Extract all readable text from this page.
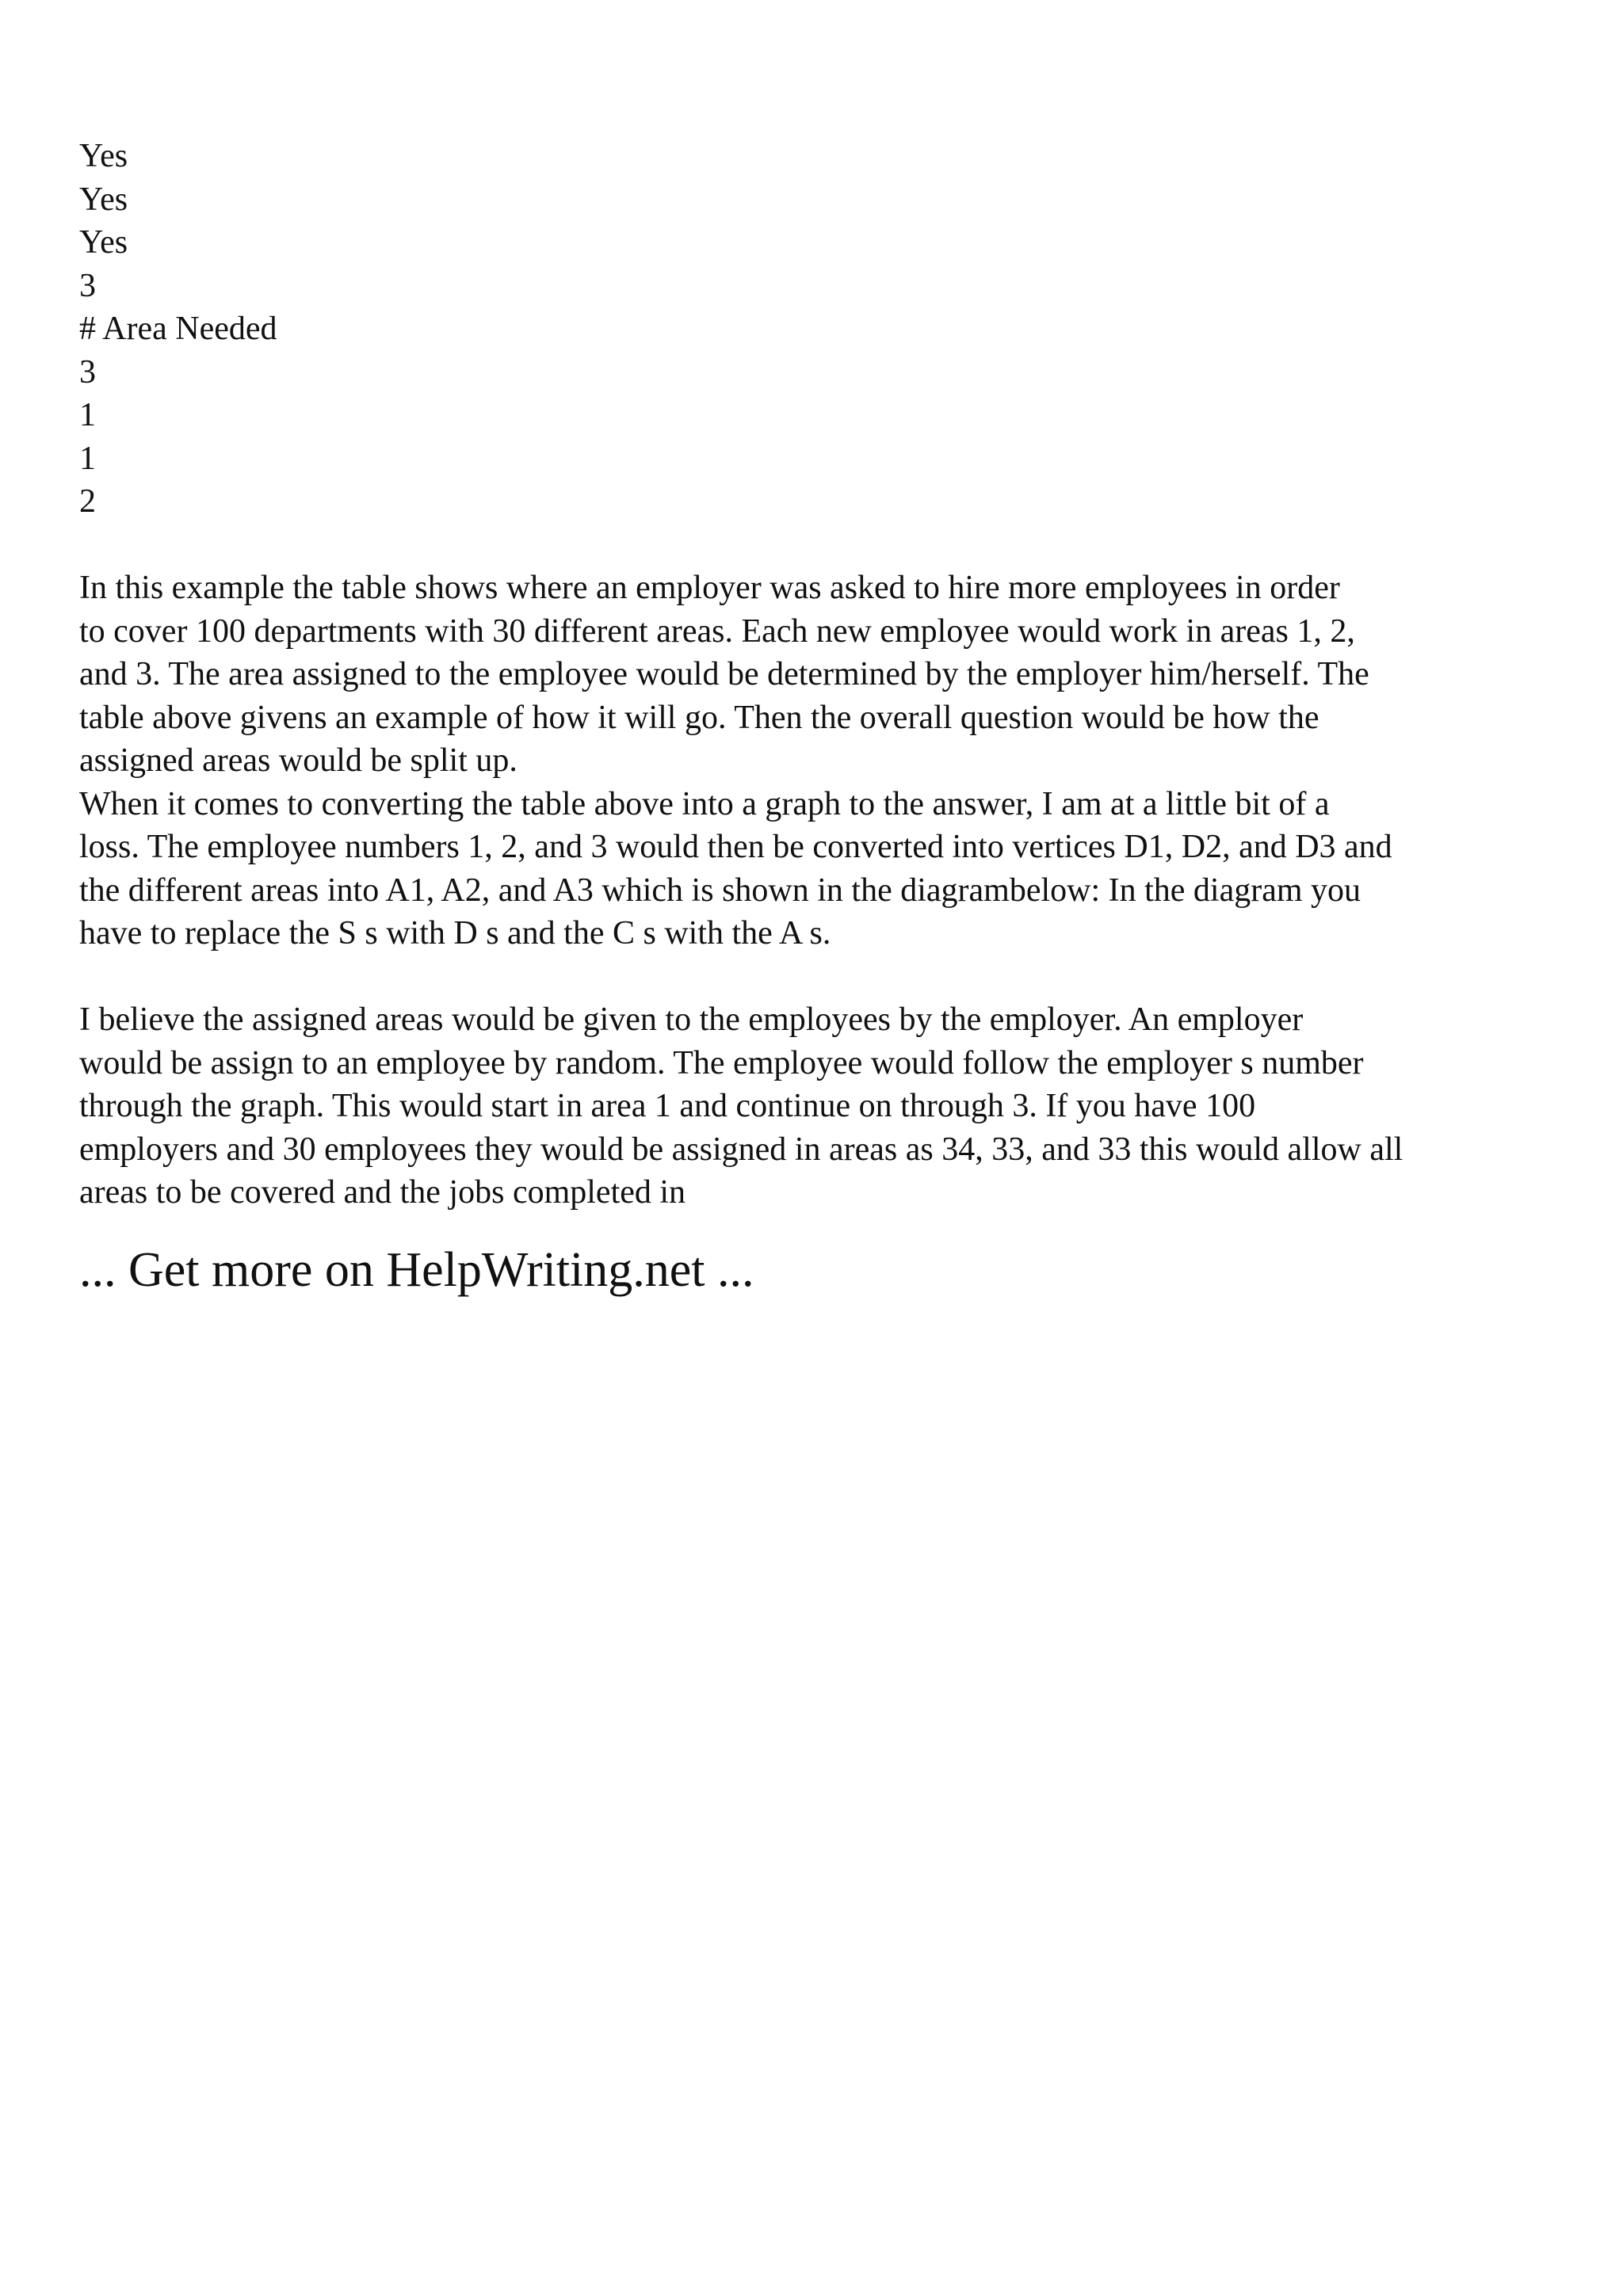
Yes
Yes
Yes
3
# Area Needed
3
1
1
2

In this example the table shows where an employer was asked to hire more employees in order
to cover 100 departments with 30 different areas. Each new employee would work in areas 1, 2,
and 3. The area assigned to the employee would be determined by the employer him/herself. The
table above givens an example of how it will go. Then the overall question would be how the
assigned areas would be split up.

When it comes to converting the table above into a graph to the answer, I am at a little bit of a
loss. The employee numbers 1, 2, and 3 would then be converted into vertices D1, D2, and D3 and
the different areas into A1, A2, and A3 which is shown in the diagrambelow: In the diagram you
have to replace the S s with D s and the C s with the A s.

I believe the assigned areas would be given to the employees by the employer. An employer
would be assign to an employee by random. The employee would follow the employer s number
through the graph. This would start in area 1 and continue on through 3. If you have 100
employers and 30 employees they would be assigned in areas as 34, 33, and 33 this would allow all
areas to be covered and the jobs completed in

... Get more on HelpWriting.net ...
